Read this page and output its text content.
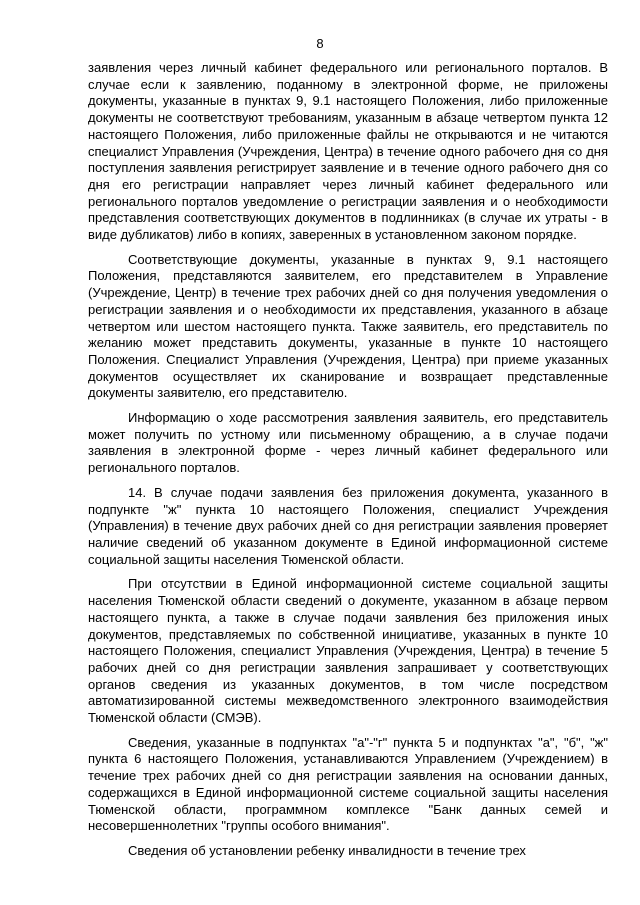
8

заявления через личный кабинет федерального или регионального порталов. В случае если к заявлению, поданному в электронной форме, не приложены документы, указанные в пунктах 9, 9.1 настоящего Положения, либо приложенные документы не соответствуют требованиям, указанным в абзаце четвертом пункта 12 настоящего Положения, либо приложенные файлы не открываются и не читаются специалист Управления (Учреждения, Центра) в течение одного рабочего дня со дня поступления заявления регистрирует заявление и в течение одного рабочего дня со дня его регистрации направляет через личный кабинет федерального или регионального порталов уведомление о регистрации заявления и о необходимости представления соответствующих документов в подлинниках (в случае их утраты - в виде дубликатов) либо в копиях, заверенных в установленном законом порядке.

Соответствующие документы, указанные в пунктах 9, 9.1 настоящего Положения, представляются заявителем, его представителем в Управление (Учреждение, Центр) в течение трех рабочих дней со дня получения уведомления о регистрации заявления и о необходимости их представления, указанного в абзаце четвертом или шестом настоящего пункта. Также заявитель, его представитель по желанию может представить документы, указанные в пункте 10 настоящего Положения. Специалист Управления (Учреждения, Центра) при приеме указанных документов осуществляет их сканирование и возвращает представленные документы заявителю, его представителю.

Информацию о ходе рассмотрения заявления заявитель, его представитель может получить по устному или письменному обращению, а в случае подачи заявления в электронной форме - через личный кабинет федерального или регионального порталов.

14. В случае подачи заявления без приложения документа, указанного в подпункте "ж" пункта 10 настоящего Положения, специалист Учреждения (Управления) в течение двух рабочих дней со дня регистрации заявления проверяет наличие сведений об указанном документе в Единой информационной системе социальной защиты населения Тюменской области.

При отсутствии в Единой информационной системе социальной защиты населения Тюменской области сведений о документе, указанном в абзаце первом настоящего пункта, а также в случае подачи заявления без приложения иных документов, представляемых по собственной инициативе, указанных в пункте 10 настоящего Положения, специалист Управления (Учреждения, Центра) в течение 5 рабочих дней со дня регистрации заявления запрашивает у соответствующих органов сведения из указанных документов, в том числе посредством автоматизированной системы межведомственного электронного взаимодействия Тюменской области (СМЭВ).

Сведения, указанные в подпунктах "а"-"г" пункта 5 и подпунктах "а", "б", "ж" пункта 6 настоящего Положения, устанавливаются Управлением (Учреждением) в течение трех рабочих дней со дня регистрации заявления на основании данных, содержащихся в Единой информационной системе социальной защиты населения Тюменской области, программном комплексе "Банк данных семей и несовершеннолетних "группы особого внимания".

Сведения об установлении ребенку инвалидности в течение трех
